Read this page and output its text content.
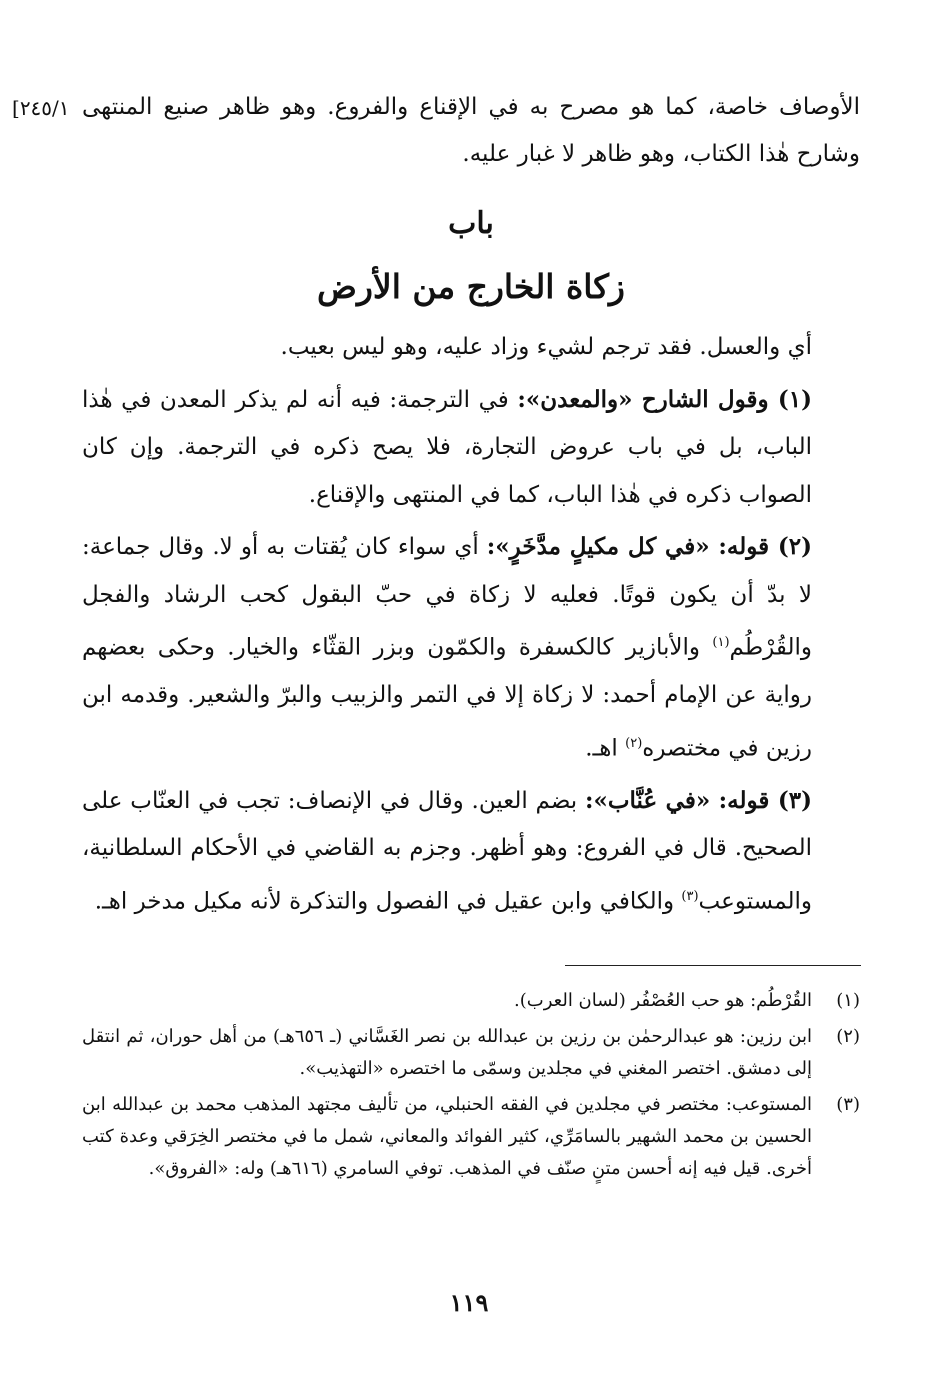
[٢٤٥/١ الأوصاف خاصة، كما هو مصرح به في الإقناع والفروع. وهو ظاهر صنيع المنتهى وشارح هٰذا الكتاب، وهو ظاهر لا غبار عليه.

باب
زكاة الخارج من الأرض

أي والعسل. فقد ترجم لشيء وزاد عليه، وهو ليس بعيب.

(١) وقول الشارح «والمعدن»: في الترجمة: فيه أنه لم يذكر المعدن في هٰذا الباب، بل في باب عروض التجارة، فلا يصح ذكره في الترجمة. وإن كان الصواب ذكره في هٰذا الباب، كما في المنتهى والإقناع.

(٢) قوله: «في كل مكيلٍ مدَّخَرٍ»: أي سواء كان يُقتات به أو لا. وقال جماعة: لا بدّ أن يكون قوتًا. فعليه لا زكاة في حبّ البقول كحب الرشاد والفجل والقُرْطُم$^{(١)}$ والأبازير كالكسفرة والكمّون وبزر القثّاء والخيار. وحكى بعضهم رواية عن الإمام أحمد: لا زكاة إلا في التمر والزبيب والبرّ والشعير. وقدمه ابن رزين في مختصره$^{(٢)}$ اهـ.

(٣) قوله: «في عُنَّاب»: بضم العين. وقال في الإنصاف: تجب في العنّاب على الصحيح. قال في الفروع: وهو أظهر. وجزم به القاضي في الأحكام السلطانية، والمستوعب$^{(٣)}$ والكافي وابن عقيل في الفصول والتذكرة لأنه مكيل مدخر اهـ.

(١)
القُرْطُم: هو حب العُصْفُر (لسان العرب).
(٢)
ابن رزين: هو عبدالرحمٰن بن رزين بن عبدالله بن نصر الغَسَّاني (ـ ٦٥٦هـ) من أهل حوران، ثم انتقل إلى دمشق. اختصر المغني في مجلدين وسمّى ما اختصره «التهذيب».
(٣)
المستوعب: مختصر في مجلدين في الفقه الحنبلي، من تأليف مجتهد المذهب محمد بن عبدالله ابن الحسين بن محمد الشهير بالسامَرِّي، كثير الفوائد والمعاني، شمل ما في مختصر الخِرَقي وعدة كتب أخرى. قيل فيه إنه أحسن متنٍ صنّف في المذهب. توفي السامري (٦١٦هـ) وله: «الفروق».
١١٩
